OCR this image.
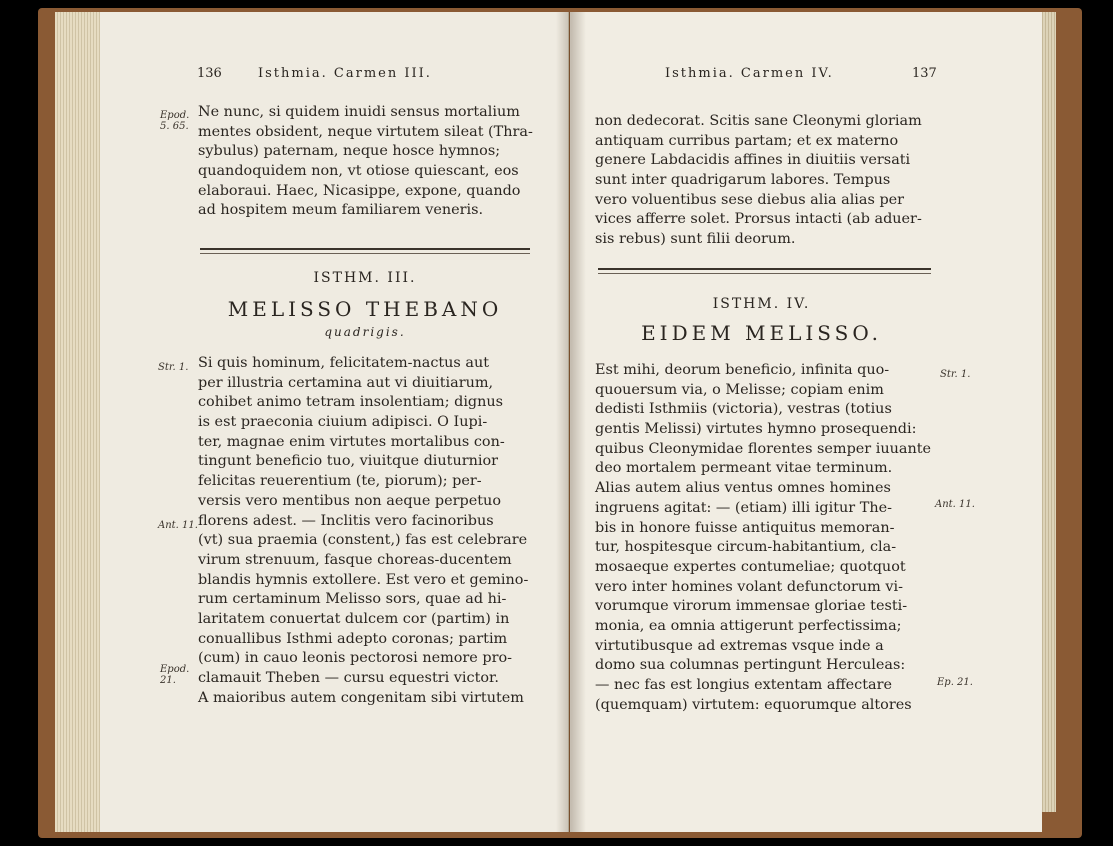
136	Isthmia. Carmen III.
Epod. 5. 65.
Ne nunc, si quidem inuidi sensus mortalium
mentes obsident, neque virtutem sileat (Thra-
sybulus) paternam, neque hosce hymnos;
quandoquidem non, vt otiose quiescant, eos
elaboraui. Haec, Nicasippe, expone, quando
ad hospitem meum familiarem veneris.
ISTHM. III.
MELISSO THEBANO
quadrigis.
Str. 1.
Ant. 11.
Epod. 21.
Si quis hominum, felicitatem-nactus aut
per illustria certamina aut vi diuitiarum,
cohibet animo tetram insolentiam; dignus
is est praeconia ciuium adipisci. O Iupi-
ter, magnae enim virtutes mortalibus con-
tingunt beneficio tuo, viuitque diuturnior
felicitas reuerentium (te, piorum); per-
versis vero mentibus non aeque perpetuo
florens adest. — Inclitis vero facinoribus
(vt) sua praemia (constent,) fas est celebrare
virum strenuum, fasque choreas-ducentem
blandis hymnis extollere. Est vero et gemino-
rum certaminum Melisso sors, quae ad hi-
laritatem conuertat dulcem cor (partim) in
conuallibus Isthmi adepto coronas; partim
(cum) in cauo leonis pectorosi nemore pro-
clamauit Theben — cursu equestri victor.
A maioribus autem congenitam sibi virtutem
Isthmia. Carmen IV.	137
non dedecorat. Scitis sane Cleonymi gloriam
antiquam curribus partam; et ex materno
genere Labdacidis affines in diuitiis versati
sunt inter quadrigarum labores. Tempus
vero voluentibus sese diebus alia alias per
vices afferre solet. Prorsus intacti (ab aduer-
sis rebus) sunt filii deorum.
ISTHM. IV.
EIDEM MELISSO.
Str. 1.
Ant. 11.
Ep. 21.
Est mihi, deorum beneficio, infinita quo-
quouersum via, o Melisse; copiam enim
dedisti Isthmiis (victoria), vestras (totius
gentis Melissi) virtutes hymno prosequendi:
quibus Cleonymidae florentes semper iuuante
deo mortalem permeant vitae terminum.
Alias autem alius ventus omnes homines
ingruens agitat: — (etiam) illi igitur The-
bis in honore fuisse antiquitus memoran-
tur, hospitesque circum-habitantium, cla-
mosaeque expertes contumeliae; quotquot
vero inter homines volant defunctorum vi-
vorumque virorum immensae gloriae testi-
monia, ea omnia attigerunt perfectissima;
virtutibusque ad extremas vsque inde a
domo sua columnas pertingunt Herculeas:
— nec fas est longius extentam affectare
(quemquam) virtutem: equorumque altores
